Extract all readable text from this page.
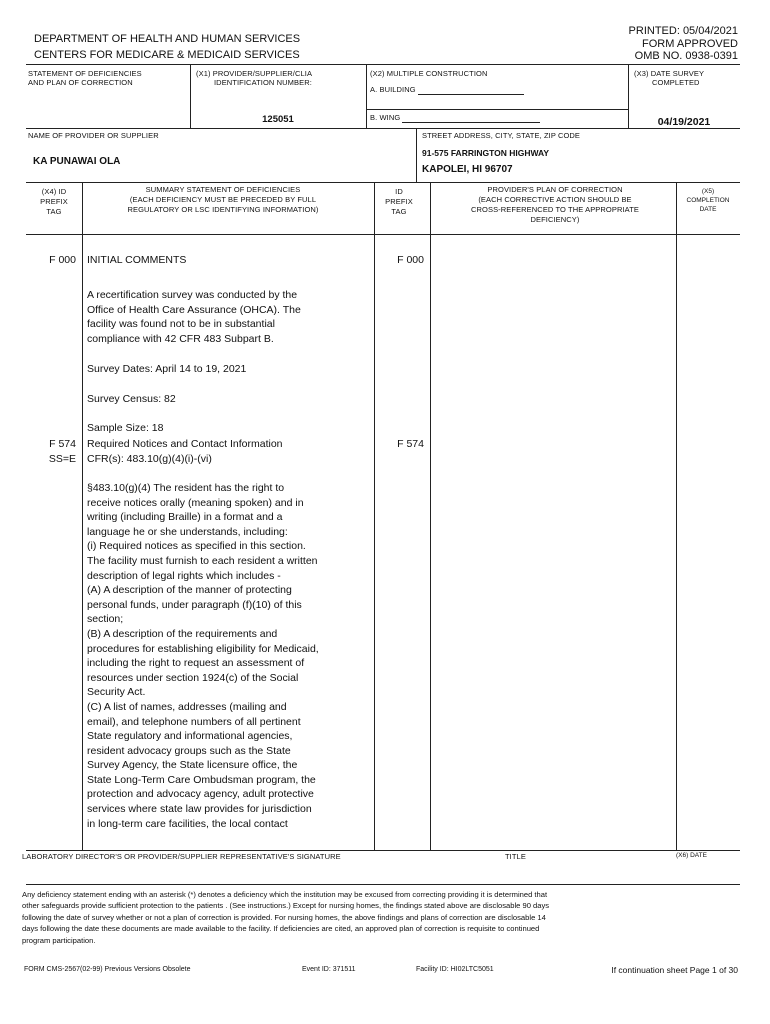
DEPARTMENT OF HEALTH AND HUMAN SERVICES
CENTERS FOR MEDICARE & MEDICAID SERVICES
PRINTED: 05/04/2021
FORM APPROVED
OMB NO. 0938-0391
STATEMENT OF DEFICIENCIES
AND PLAN OF CORRECTION
(X1) PROVIDER/SUPPLIER/CLIA
IDENTIFICATION NUMBER:
125051
(X2) MULTIPLE CONSTRUCTION
A. BUILDING
B. WING
(X3) DATE SURVEY
COMPLETED
04/19/2021
NAME OF PROVIDER OR SUPPLIER
KA PUNAWAI OLA
STREET ADDRESS, CITY, STATE, ZIP CODE
91-575 FARRINGTON HIGHWAY
KAPOLEI, HI 96707
(X4) ID
PREFIX
TAG
SUMMARY STATEMENT OF DEFICIENCIES
(EACH DEFICIENCY MUST BE PRECEDED BY FULL
REGULATORY OR LSC IDENTIFYING INFORMATION)
ID
PREFIX
TAG
PROVIDER'S PLAN OF CORRECTION
(EACH CORRECTIVE ACTION SHOULD BE
CROSS-REFERENCED TO THE APPROPRIATE
DEFICIENCY)
(X5)
COMPLETION
DATE
F 000 INITIAL COMMENTS	F 000
A recertification survey was conducted by the
Office of Health Care Assurance (OHCA). The
facility was found not to be in substantial
compliance with 42 CFR 483 Subpart B.
Survey Dates: April 14 to 19, 2021
Survey Census: 82
Sample Size: 18
F 574
SS=E
Required Notices and Contact Information
CFR(s): 483.10(g)(4)(i)-(vi)
F 574
§483.10(g)(4) The resident has the right to
receive notices orally (meaning spoken) and in
writing (including Braille) in a format and a
language he or she understands, including:
(i) Required notices as specified in this section.
The facility must furnish to each resident a written
description of legal rights which includes -
(A) A description of the manner of protecting
personal funds, under paragraph (f)(10) of this
section;
(B) A description of the requirements and
procedures for establishing eligibility for Medicaid,
including the right to request an assessment of
resources under section 1924(c) of the Social
Security Act.
(C) A list of names, addresses (mailing and
email), and telephone numbers of all pertinent
State regulatory and informational agencies,
resident advocacy groups such as the State
Survey Agency, the State licensure office, the
State Long-Term Care Ombudsman program, the
protection and advocacy agency, adult protective
services where state law provides for jurisdiction
in long-term care facilities, the local contact
LABORATORY DIRECTOR'S OR PROVIDER/SUPPLIER REPRESENTATIVE'S SIGNATURE	TITLE	(X6) DATE
Any deficiency statement ending with an asterisk (*) denotes a deficiency which the institution may be excused from correcting providing it is determined that
other safeguards provide sufficient protection to the patients . (See instructions.) Except for nursing homes, the findings stated above are disclosable 90 days
following the date of survey whether or not a plan of correction is provided. For nursing homes, the above findings and plans of correction are disclosable 14
days following the date these documents are made available to the facility. If deficiencies are cited, an approved plan of correction is requisite to continued
program participation.
FORM CMS-2567(02-99) Previous Versions Obsolete	Event ID: 371511	Facility ID: HI02LTC5051	If continuation sheet Page 1 of 30
